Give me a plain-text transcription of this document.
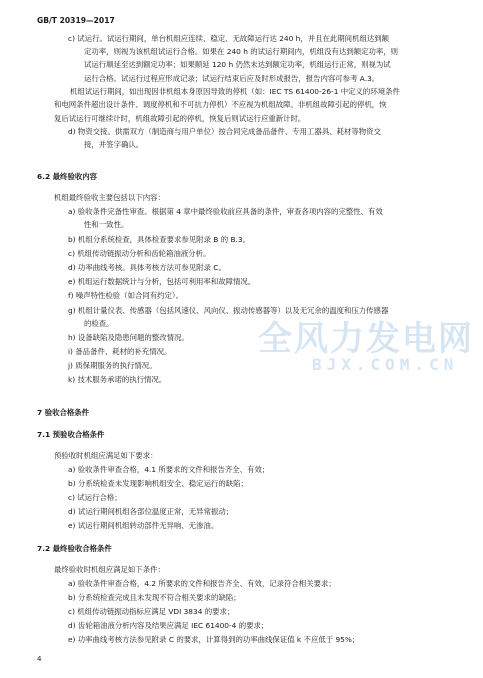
GB/T 20319—2017
c) 试运行。试运行期间，单台机组应连续、稳定、无故障运行达 240 h，并且在此期间机组达到额
定功率，则视为该机组试运行合格。如果在 240 h 的试运行期间内，机组没有达到额定功率，则
试运行顺延至达到额定功率；如果顺延 120 h 仍然未达到额定功率，机组运行正常，则视为试
运行合格。试运行过程应形成记录；试运行结束后应及时形成报告，报告内容可参考 A.3。
机组试运行期间，如出现因非机组本身原因导致的停机（如：IEC TS 61400-26-1 中定义的环境条件
和电网条件超出设计条件、调度停机和不可抗力停机）不应视为机组故障。非机组故障引起的停机，恢
复后试运行可继续计时，机组故障引起的停机，恢复后则试运行应重新计时。
d) 物资交接。供需双方（制造商与用户单位）按合同完成备品备件、专用工器具、耗材等物资交
接，并签字确认。
6.2 最终验收内容
机组最终验收主要包括以下内容：
a) 验收条件完备性审查。根据第 4 章中最终验收前应具备的条件，审查各项内容的完整性、有效
性和一致性。
b) 机组分系统检查，具体检查要求参见附录 B 的 B.3。
c) 机组传动链振动分析和齿轮箱油液分析。
d) 功率曲线考核。具体考核方法可参见附录 C。
e) 机组运行数据统计与分析，包括可利用率和故障情况。
f) 噪声特性检验（如合同有约定）。
g) 机组计量仪表、传感器（包括风速仪、风向仪、振动传感器等）以及无冗余的温度和压力传感器
的检查。
h) 设备缺陷及隐患问题的整改情况。
i) 备品备件、耗材的补充情况。
j) 质保期服务的执行情况。
k) 技术服务承诺的执行情况。
7 验收合格条件
7.1 预验收合格条件
预验收时机组应满足如下要求：
a) 验收条件审查合格，4.1 所要求的文件和报告齐全、有效；
b) 分系统检查未发现影响机组安全、稳定运行的缺陷；
c) 试运行合格；
d) 试运行期间机组各部位温度正常，无异常振动；
e) 试运行期间机组转动部件无异响、无渗油。
7.2 最终验收合格条件
最终验收时机组应满足如下条件：
a) 验收条件审查合格，4.2 所要求的文件和报告齐全、有效，记录符合相关要求；
b) 分系统检查完成且未发现不符合相关要求的缺陷；
c) 机组传动链振动指标应满足 VDI 3834 的要求；
d) 齿轮箱油液分析内容及结果应满足 IEC 61400-4 的要求；
e) 功率曲线考核方法参见附录 C 的要求，计算得到的功率曲线保证值 k 不应低于 95%；
全风力发电网
BJX.COM.CN
4
